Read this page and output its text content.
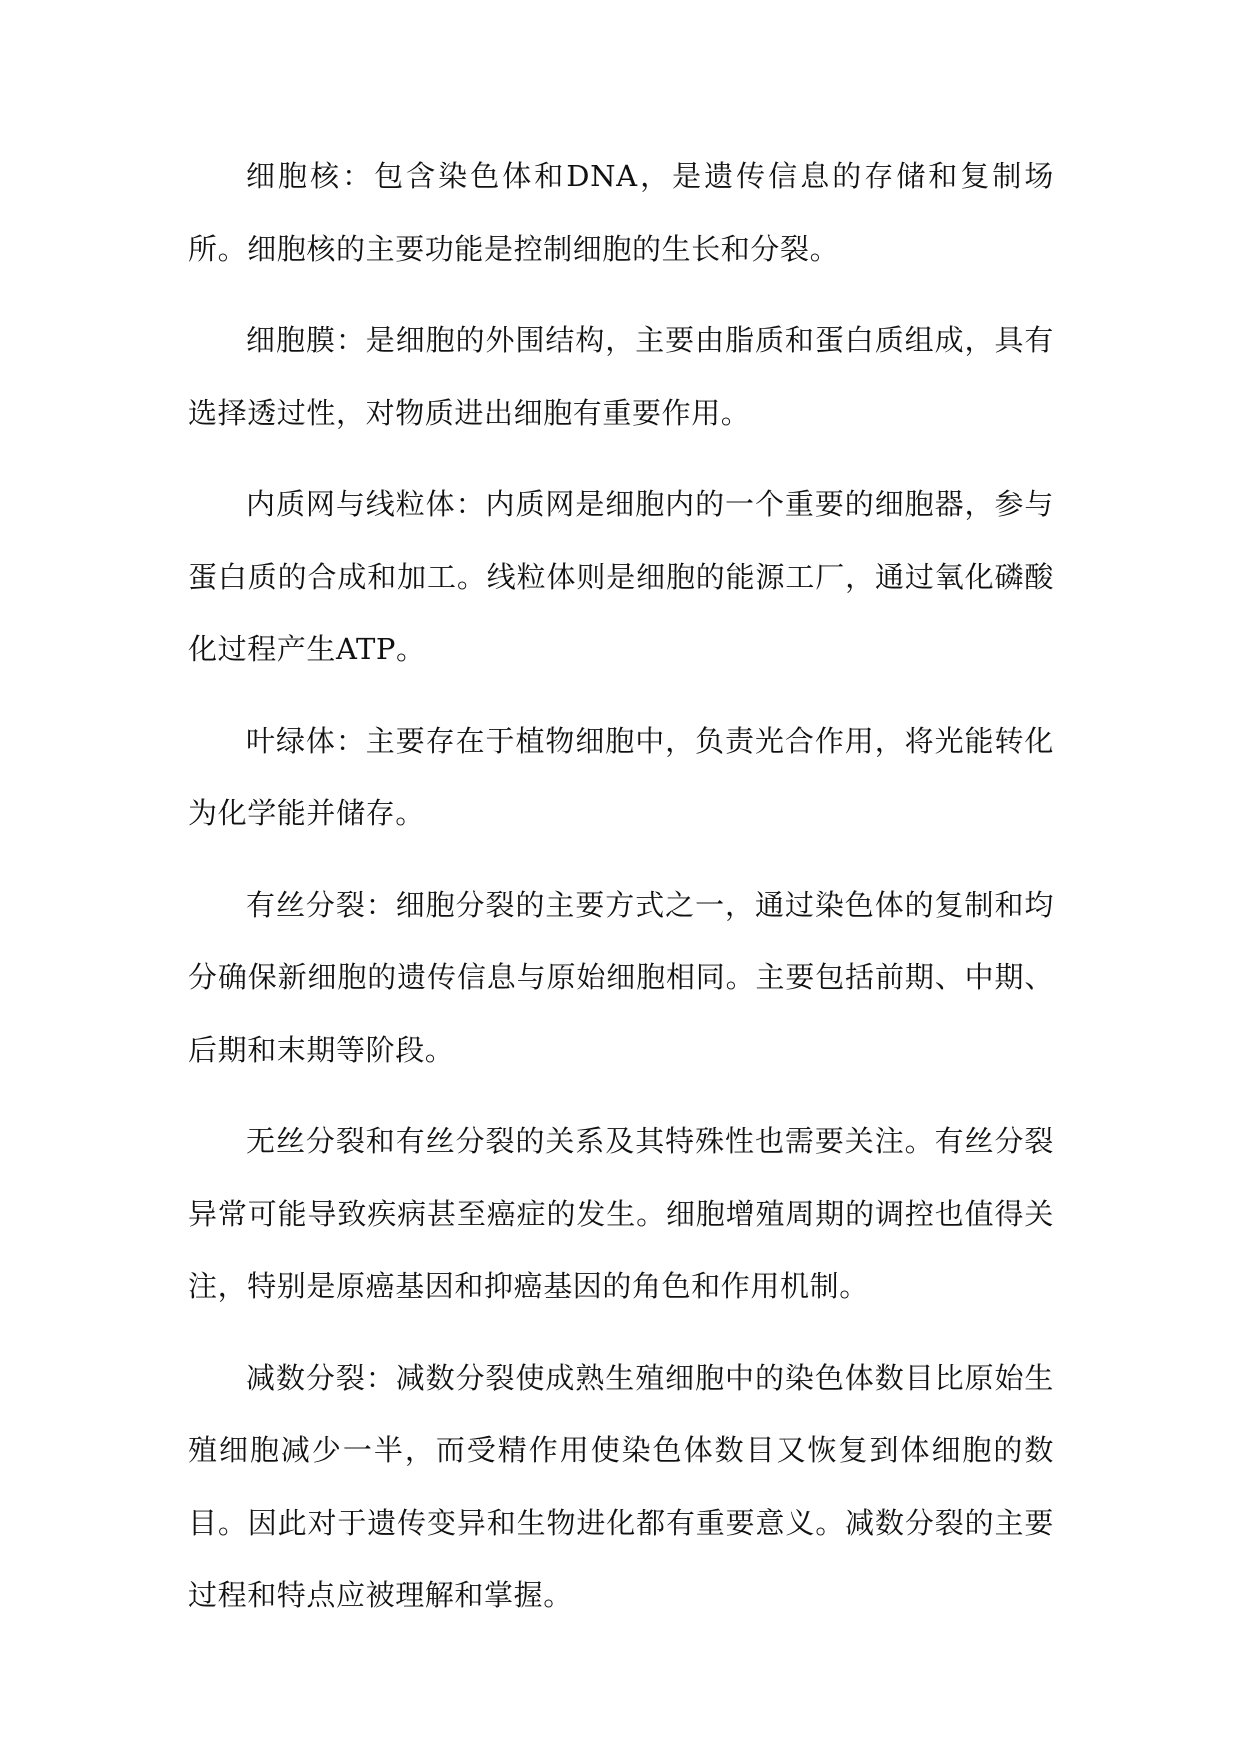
细胞核：包含染色体和DNA，是遗传信息的存储和复制场所。细胞核的主要功能是控制细胞的生长和分裂。

细胞膜：是细胞的外围结构，主要由脂质和蛋白质组成，具有选择透过性，对物质进出细胞有重要作用。

内质网与线粒体：内质网是细胞内的一个重要的细胞器，参与蛋白质的合成和加工。线粒体则是细胞的能源工厂，通过氧化磷酸化过程产生ATP。

叶绿体：主要存在于植物细胞中，负责光合作用，将光能转化为化学能并储存。

有丝分裂：细胞分裂的主要方式之一，通过染色体的复制和均分确保新细胞的遗传信息与原始细胞相同。主要包括前期、中期、后期和末期等阶段。

无丝分裂和有丝分裂的关系及其特殊性也需要关注。有丝分裂异常可能导致疾病甚至癌症的发生。细胞增殖周期的调控也值得关注，特别是原癌基因和抑癌基因的角色和作用机制。

减数分裂：减数分裂使成熟生殖细胞中的染色体数目比原始生殖细胞减少一半，而受精作用使染色体数目又恢复到体细胞的数目。因此对于遗传变异和生物进化都有重要意义。减数分裂的主要过程和特点应被理解和掌握。
